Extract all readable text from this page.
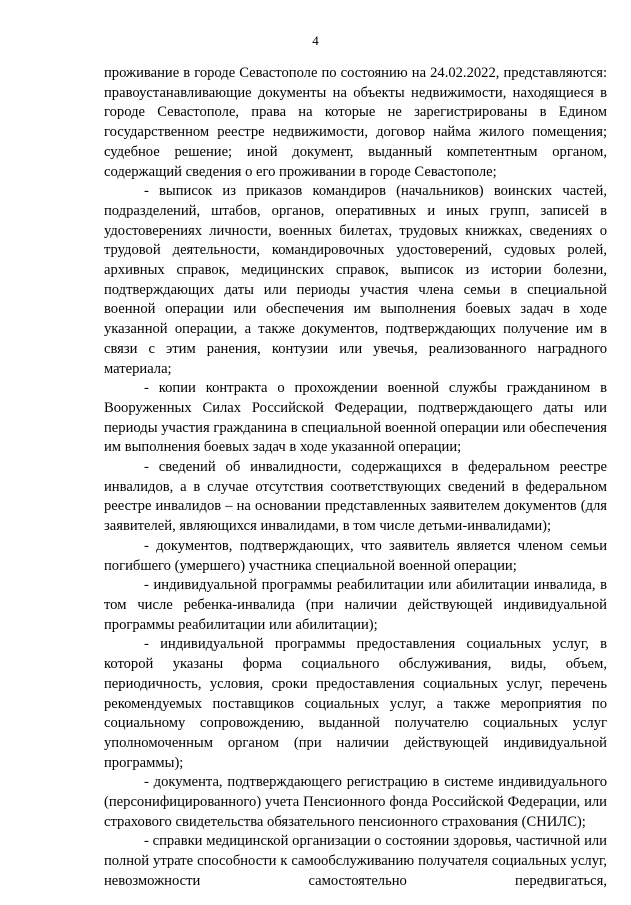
4

проживание в городе Севастополе по состоянию на 24.02.2022, представляются: правоустанавливающие документы на объекты недвижимости, находящиеся в городе Севастополе, права на которые не зарегистрированы в Едином государственном реестре недвижимости, договор найма жилого помещения; судебное решение; иной документ, выданный компетентным органом, содержащий сведения о его проживании в городе Севастополе;

- выписок из приказов командиров (начальников) воинских частей, подразделений, штабов, органов, оперативных и иных групп, записей в удостоверениях личности, военных билетах, трудовых книжках, сведениях о трудовой деятельности, командировочных удостоверений, судовых ролей, архивных справок, медицинских справок, выписок из истории болезни, подтверждающих даты или периоды участия члена семьи в специальной военной операции или обеспечения им выполнения боевых задач в ходе указанной операции, а также документов, подтверждающих получение им в связи с этим ранения, контузии или увечья, реализованного наградного материала;

- копии контракта о прохождении военной службы гражданином в Вооруженных Силах Российской Федерации, подтверждающего даты или периоды участия гражданина в специальной военной операции или обеспечения им выполнения боевых задач в ходе указанной операции;

- сведений об инвалидности, содержащихся в федеральном реестре инвалидов, а в случае отсутствия соответствующих сведений в федеральном реестре инвалидов – на основании представленных заявителем документов (для заявителей, являющихся инвалидами, в том числе детьми-инвалидами);

- документов, подтверждающих, что заявитель является членом семьи погибшего (умершего) участника специальной военной операции;

- индивидуальной программы реабилитации или абилитации инвалида, в том числе ребенка-инвалида (при наличии действующей индивидуальной программы реабилитации или абилитации);

- индивидуальной программы предоставления социальных услуг, в которой указаны форма социального обслуживания, виды, объем, периодичность, условия, сроки предоставления социальных услуг, перечень рекомендуемых поставщиков социальных услуг, а также мероприятия по социальному сопровождению, выданной получателю социальных услуг уполномоченным органом (при наличии действующей индивидуальной программы);

- документа, подтверждающего регистрацию в системе индивидуального (персонифицированного) учета Пенсионного фонда Российской Федерации, или страхового свидетельства обязательного пенсионного страхования (СНИЛС);

- справки медицинской организации о состоянии здоровья, частичной или полной утрате способности к самообслуживанию получателя социальных услуг, невозможности самостоятельно передвигаться,
